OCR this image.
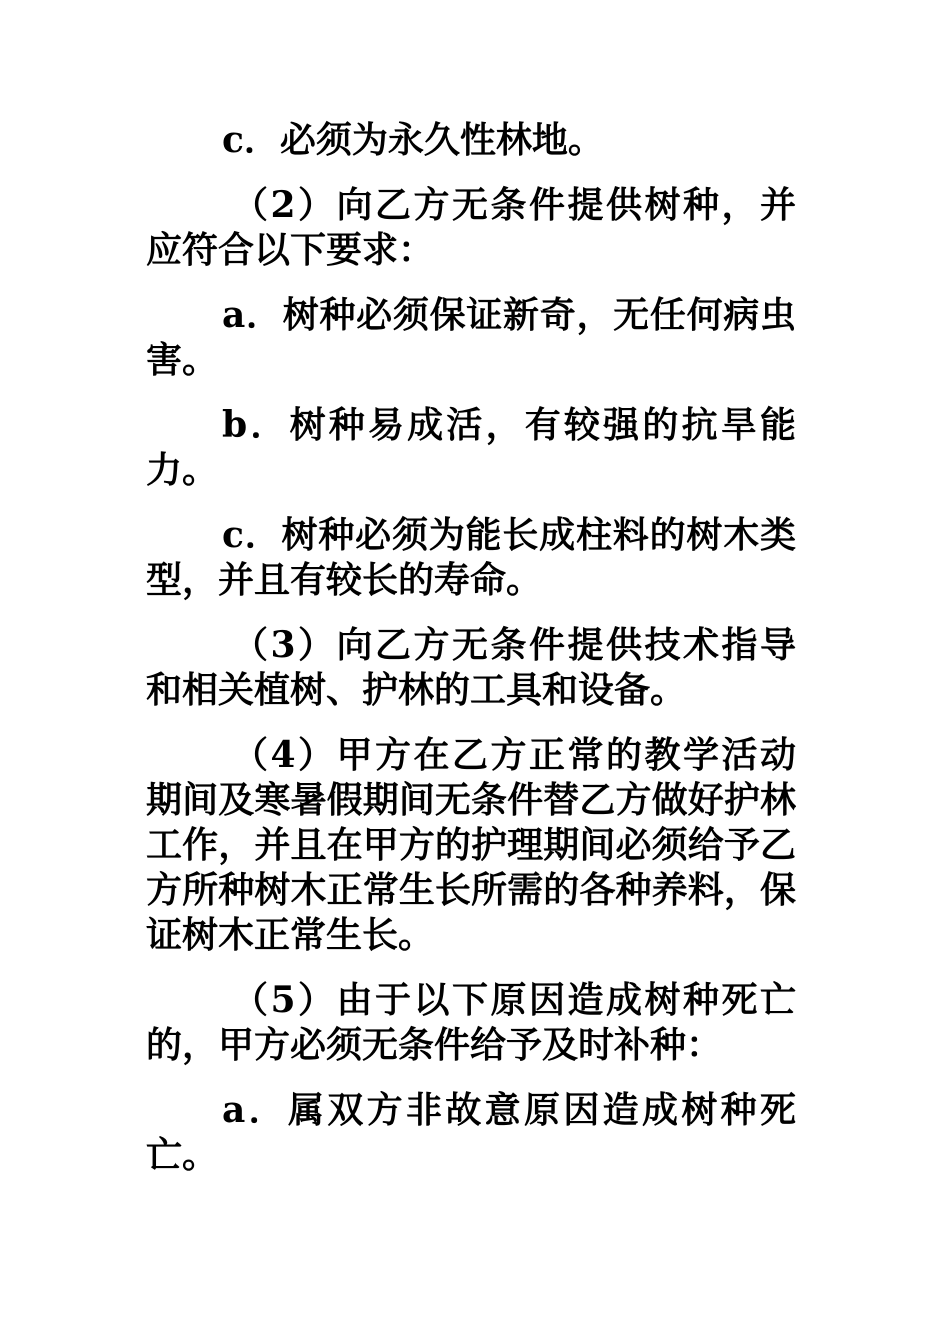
c．必须为永久性林地。

（2）向乙方无条件提供树种，并应符合以下要求：

a．树种必须保证新奇，无任何病虫害。

b．树种易成活，有较强的抗旱能力。

c．树种必须为能长成柱料的树木类型，并且有较长的寿命。

（3）向乙方无条件提供技术指导和相关植树、护林的工具和设备。

（4）甲方在乙方正常的教学活动期间及寒暑假期间无条件替乙方做好护林工作，并且在甲方的护理期间必须给予乙方所种树木正常生长所需的各种养料，保证树木正常生长。

（5）由于以下原因造成树种死亡的，甲方必须无条件给予及时补种：

a．属双方非故意原因造成树种死亡。
